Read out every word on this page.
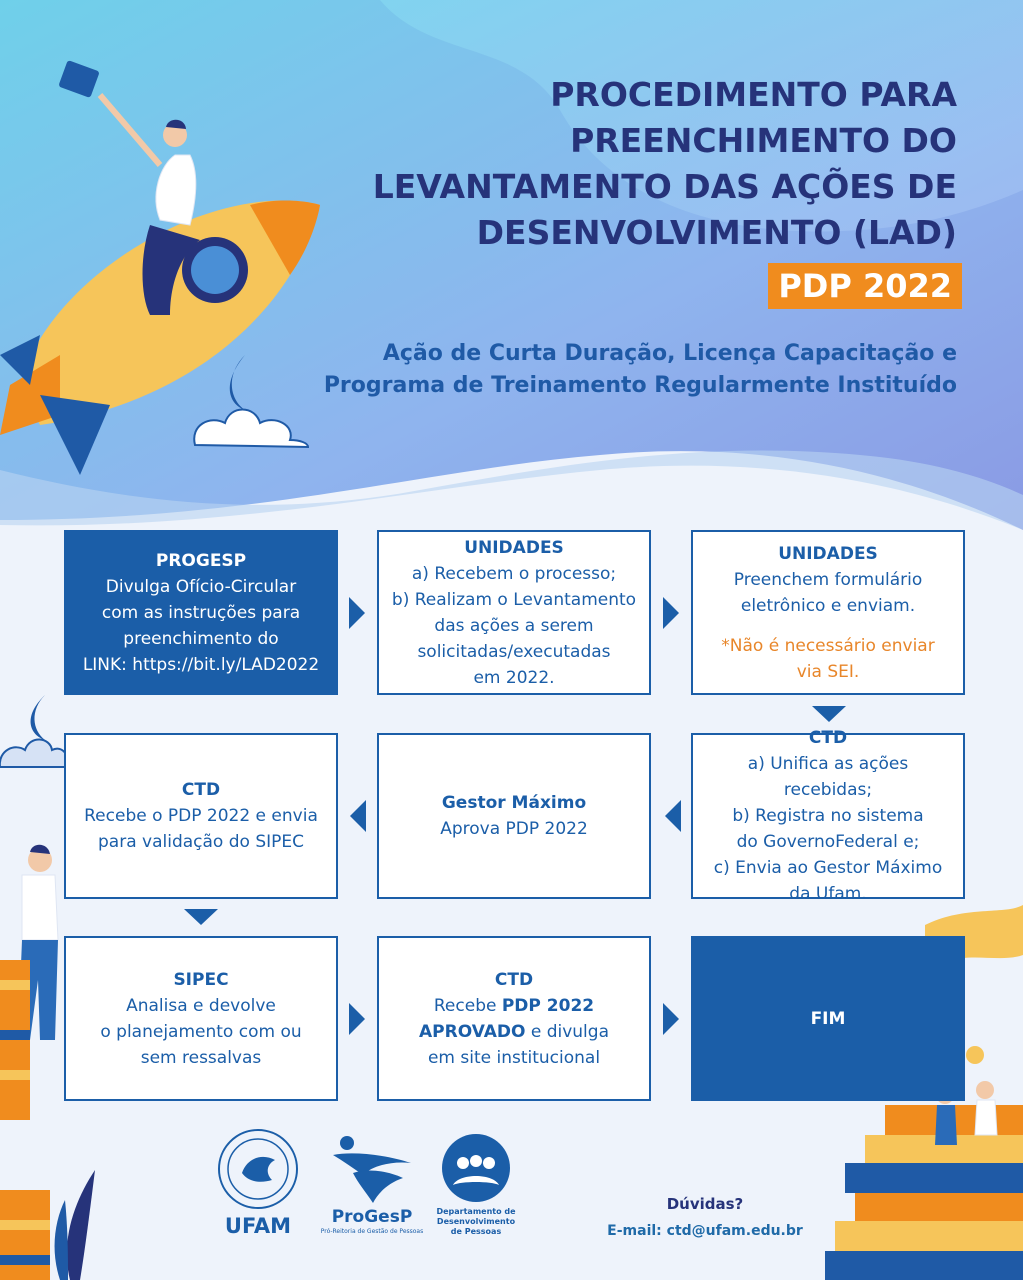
PROCEDIMENTO PARA
PREENCHIMENTO DO
LEVANTAMENTO DAS AÇÕES DE
DESENVOLVIMENTO (LAD)
PDP 2022
Ação de Curta Duração, Licença Capacitação e
Programa de Treinamento Regularmente Instituído
PROGESP
Divulga Ofício-Circular
com as instruções para
preenchimento do
LINK: https://bit.ly/LAD2022
UNIDADES
a) Recebem o processo;
b) Realizam o Levantamento
das ações a serem
solicitadas/executadas
em 2022.
UNIDADES
Preenchem formulário
eletrônico e enviam.
*Não é necessário enviar
via SEI.
CTD
Recebe o PDP 2022 e envia
para validação do SIPEC
Gestor Máximo
Aprova PDP 2022
CTD
a) Unifica as ações recebidas;
b) Registra no sistema
do GovernoFederal e;
c) Envia ao Gestor Máximo
da Ufam.
SIPEC
Analisa e devolve
o planejamento com ou
sem ressalvas
CTD
Recebe PDP 2022
APROVADO e divulga
em site institucional
FIM
UFAM	ProGesP
Pró-Reitoria de Gestão de Pessoas
Departamento de
Desenvolvimento
de Pessoas
Dúvidas?
E-mail: ctd@ufam.edu.br
